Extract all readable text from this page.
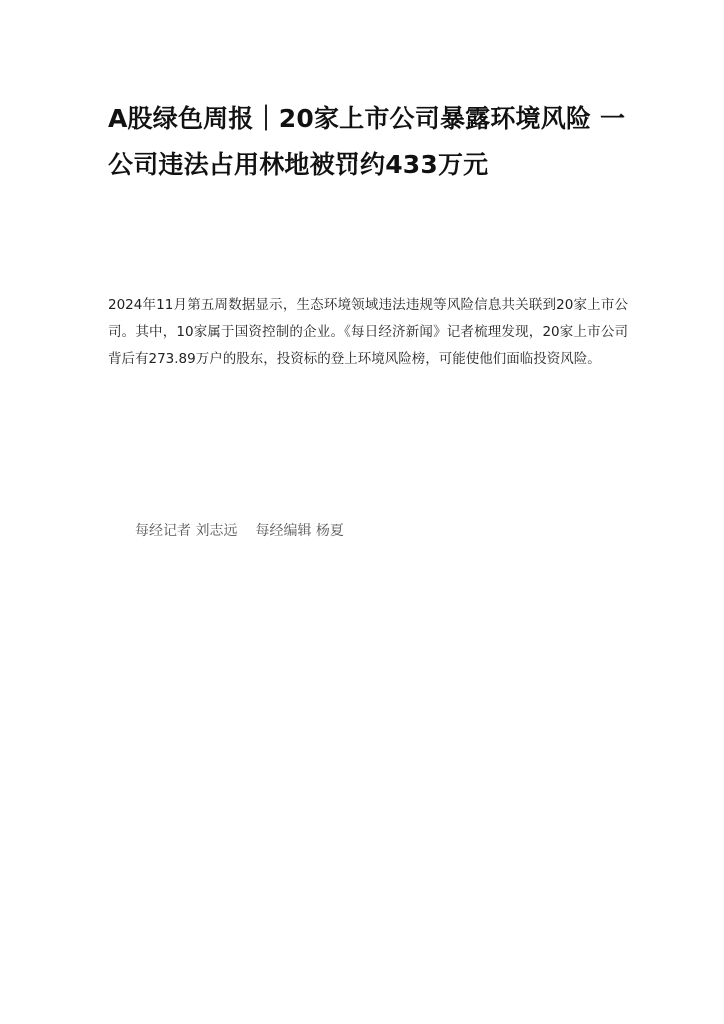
A股绿色周报｜20家上市公司暴露环境风险 一公司违法占用林地被罚约433万元

2024年11月第五周数据显示，生态环境领域违法违规等风险信息共关联到20家上市公司。其中，10家属于国资控制的企业。《每日经济新闻》记者梳理发现，20家上市公司背后有273.89万户的股东，投资标的登上环境风险榜，可能使他们面临投资风险。

每经记者 刘志远 每经编辑 杨夏
